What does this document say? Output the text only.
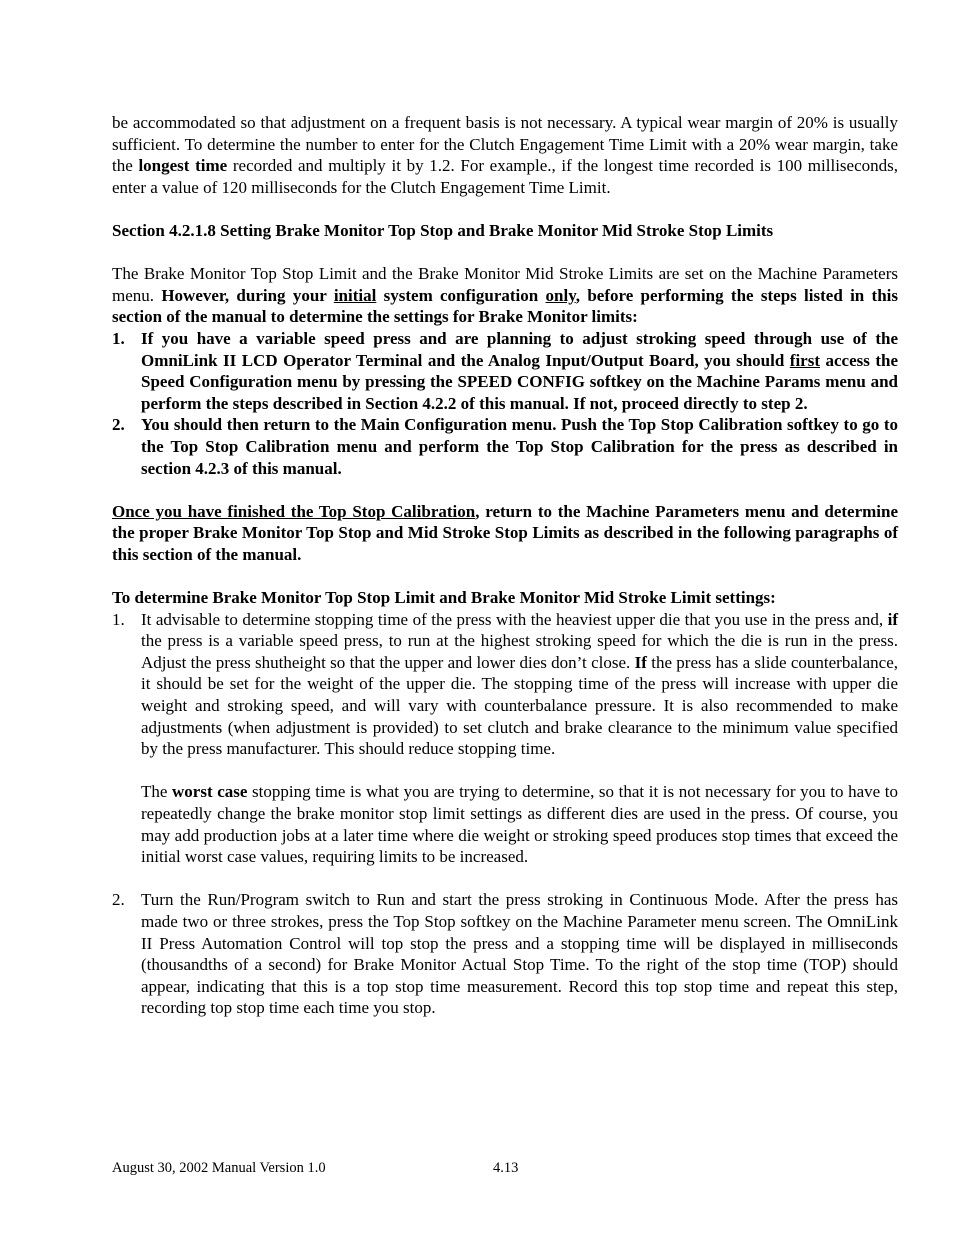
be accommodated so that adjustment on a frequent basis is not necessary. A typical wear margin of 20% is usually sufficient. To determine the number to enter for the Clutch Engagement Time Limit with a 20% wear margin, take the longest time recorded and multiply it by 1.2. For example., if the longest time recorded is 100 milliseconds, enter a value of 120 milliseconds for the Clutch Engagement Time Limit.

Section 4.2.1.8 Setting Brake Monitor Top Stop and Brake Monitor Mid Stroke Stop Limits

The Brake Monitor Top Stop Limit and the Brake Monitor Mid Stroke Limits are set on the Machine Parameters menu. However, during your initial system configuration only, before performing the steps listed in this section of the manual to determine the settings for Brake Monitor limits:

1. If you have a variable speed press and are planning to adjust stroking speed through use of the OmniLink II LCD Operator Terminal and the Analog Input/Output Board, you should first access the Speed Configuration menu by pressing the SPEED CONFIG softkey on the Machine Params menu and perform the steps described in Section 4.2.2 of this manual. If not, proceed directly to step 2.
2. You should then return to the Main Configuration menu. Push the Top Stop Calibration softkey to go to the Top Stop Calibration menu and perform the Top Stop Calibration for the press as described in section 4.2.3 of this manual.

Once you have finished the Top Stop Calibration, return to the Machine Parameters menu and determine the proper Brake Monitor Top Stop and Mid Stroke Stop Limits as described in the following paragraphs of this section of the manual.

To determine Brake Monitor Top Stop Limit and Brake Monitor Mid Stroke Limit settings:

1. It advisable to determine stopping time of the press with the heaviest upper die that you use in the press and, if the press is a variable speed press, to run at the highest stroking speed for which the die is run in the press. Adjust the press shutheight so that the upper and lower dies don’t close. If the press has a slide counterbalance, it should be set for the weight of the upper die. The stopping time of the press will increase with upper die weight and stroking speed, and will vary with counterbalance pressure. It is also recommended to make adjustments (when adjustment is provided) to set clutch and brake clearance to the minimum value specified by the press manufacturer. This should reduce stopping time.

The worst case stopping time is what you are trying to determine, so that it is not necessary for you to have to repeatedly change the brake monitor stop limit settings as different dies are used in the press. Of course, you may add production jobs at a later time where die weight or stroking speed produces stop times that exceed the initial worst case values, requiring limits to be increased.

2. Turn the Run/Program switch to Run and start the press stroking in Continuous Mode. After the press has made two or three strokes, press the Top Stop softkey on the Machine Parameter menu screen. The OmniLink II Press Automation Control will top stop the press and a stopping time will be displayed in milliseconds (thousandths of a second) for Brake Monitor Actual Stop Time. To the right of the stop time (TOP) should appear, indicating that this is a top stop time measurement. Record this top stop time and repeat this step, recording top stop time each time you stop.

August 30, 2002 Manual Version 1.0	4.13
